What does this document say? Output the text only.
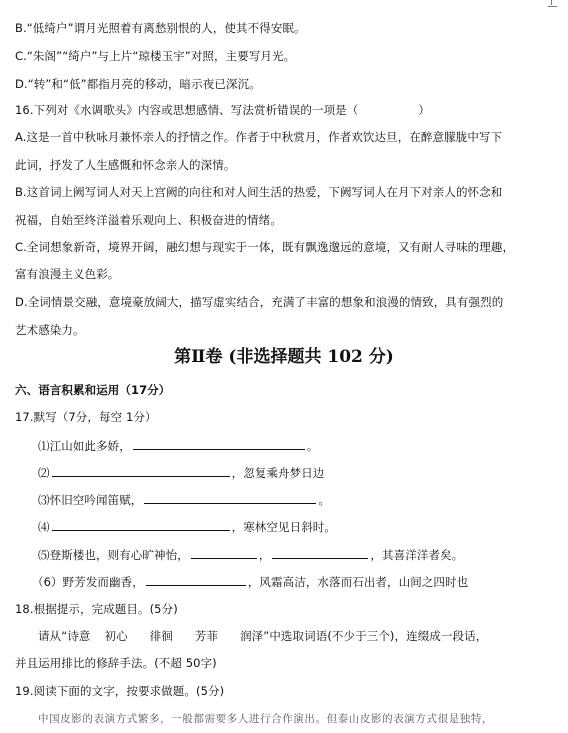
B.“低绮户”谓月光照着有离愁别恨的人，使其不得安眠。
C.“朱阁”“绮户”与上片“琼楼玉宇”对照，主要写月光。
D.“转”和“低”都指月亮的移动，暗示夜已深沉。
16.下列对《水调歌头》内容或思想感情、写法赏析错误的一项是（	）
A.这是一首中秋咏月兼怀亲人的抒情之作。作者于中秋赏月，作者欢饮达旦，在醉意朦胧中写下
此词，抒发了人生感慨和怀念亲人的深情。
B.这首词上阙写词人对天上宫阙的向往和对人间生活的热爱，下阙写词人在月下对亲人的怀念和
祝福，自始至终洋溢着乐观向上、积极奋进的情绪。
C.全词想象新奇，境界开阔，融幻想与现实于一体，既有飘逸邈远的意境，又有耐人寻味的理趣，
富有浪漫主义色彩。
D.全词情景交融，意境豪放阔大，描写虚实结合，充满了丰富的想象和浪漫的情致，具有强烈的
艺术感染力。
第Ⅱ卷 (非选择题共 102 分)
六、语言积累和运用（17分）
17.默写（7分，每空 1分）
⑴江山如此多娇，	。
⑵	，忽复乘舟梦日边
⑶怀旧空吟闻笛赋，	。
⑷	，寒林空见日斜时。
⑸登斯楼也，则有心旷神怡，	，	，其喜洋洋者矣。
（6）野芳发而幽香，	，风霜高洁，水落而石出者，山间之四时也
18.根据提示，完成题目。(5分)
请从“诗意 初心 徘徊 芳菲 润泽”中选取词语(不少于三个)，连缀成一段话，
并且运用排比的修辞手法。(不超 50字)
19.阅读下面的文字，按要求做题。(5分)
中国皮影的表演方式繁多，一般都需要多人进行合作演出。但泰山皮影的表演方式很是独特，
